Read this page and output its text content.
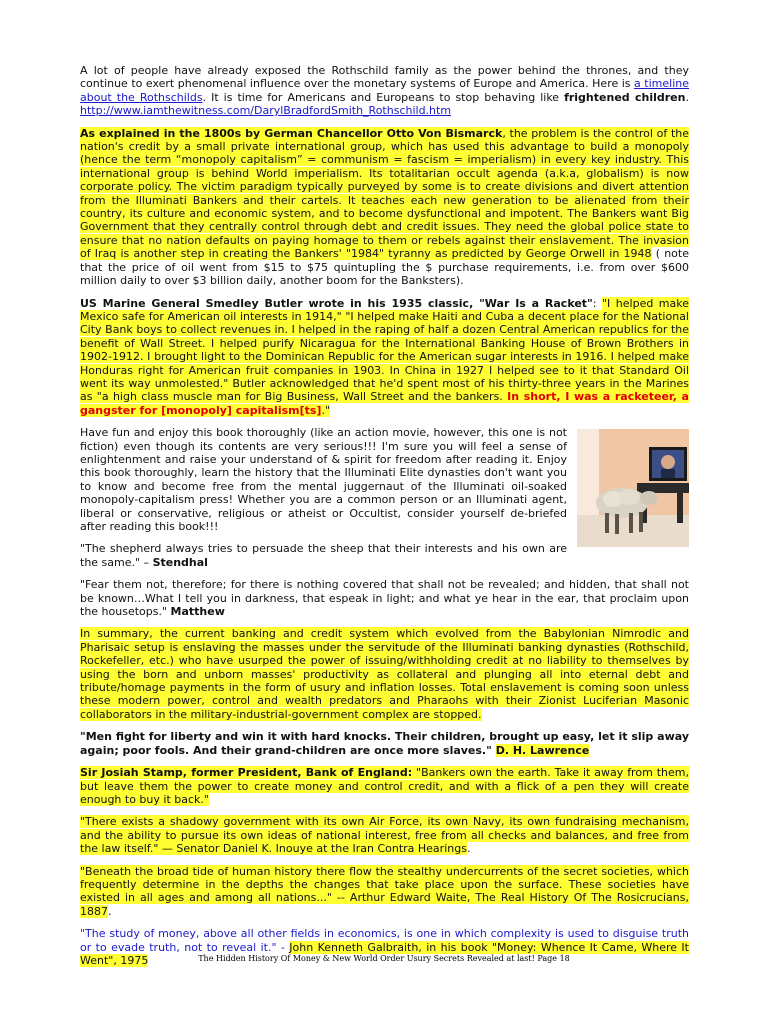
A lot of people have already exposed the Rothschild family as the power behind the thrones, and they continue to exert phenomenal influence over the monetary systems of Europe and America. Here is a timeline about the Rothschilds. It is time for Americans and Europeans to stop behaving like frightened children. http://www.iamthewitness.com/DarylBradfordSmith_Rothschild.htm

As explained in the 1800s by German Chancellor Otto Von Bismarck, the problem is the control of the nation's credit by a small private international group, which has used this advantage to build a monopoly (hence the term “monopoly capitalism” = communism = fascism = imperialism) in every key industry. This international group is behind World imperialism. Its totalitarian occult agenda (a.k.a, globalism) is now corporate policy. The victim paradigm typically purveyed by some is to create divisions and divert attention from the Illuminati Bankers and their cartels. It teaches each new generation to be alienated from their country, its culture and economic system, and to become dysfunctional and impotent. The Bankers want Big Government that they centrally control through debt and credit issues. They need the global police state to ensure that no nation defaults on paying homage to them or rebels against their enslavement. The invasion of Iraq is another step in creating the Bankers' "1984" tyranny as predicted by George Orwell in 1948 ( note that the price of oil went from $15 to $75 quintupling the $ purchase requirements, i.e. from over $600 million daily to over $3 billion daily, another boom for the Banksters).

US Marine General Smedley Butler wrote in his 1935 classic, "War Is a Racket": "I helped make Mexico safe for American oil interests in 1914," "I helped make Haiti and Cuba a decent place for the National City Bank boys to collect revenues in. I helped in the raping of half a dozen Central American republics for the benefit of Wall Street. I helped purify Nicaragua for the International Banking House of Brown Brothers in 1902-1912. I brought light to the Dominican Republic for the American sugar interests in 1916. I helped make Honduras right for American fruit companies in 1903. In China in 1927 I helped see to it that Standard Oil went its way unmolested." Butler acknowledged that he'd spent most of his thirty-three years in the Marines as "a high class muscle man for Big Business, Wall Street and the bankers. In short, I was a racketeer, a gangster for [monopoly] capitalism[ts]."

Have fun and enjoy this book thoroughly (like an action movie, however, this one is not fiction) even though its contents are very serious!!! I'm sure you will feel a sense of enlightenment and raise your understand of & spirit for freedom after reading it. Enjoy this book thoroughly, learn the history that the Illuminati Elite dynasties don't want you to know and become free from the mental juggernaut of the Illuminati oil-soaked monopoly-capitalism press! Whether you are a common person or an Illuminati agent, liberal or conservative, religious or atheist or Occultist, consider yourself de-briefed after reading this book!!!

"The shepherd always tries to persuade the sheep that their interests and his own are the same." – Stendhal

"Fear them not, therefore; for there is nothing covered that shall not be revealed; and hidden, that shall not be known…What I tell you in darkness, that espeak in light; and what ye hear in the ear, that proclaim upon the housetops." Matthew

In summary, the current banking and credit system which evolved from the Babylonian Nimrodic and Pharisaic setup is enslaving the masses under the servitude of the Illuminati banking dynasties (Rothschild, Rockefeller, etc.) who have usurped the power of issuing/withholding credit at no liability to themselves by using the born and unborn masses' productivity as collateral and plunging all into eternal debt and tribute/homage payments in the form of usury and inflation losses. Total enslavement is coming soon unless these modern power, control and wealth predators and Pharaohs with their Zionist Luciferian Masonic collaborators in the military-industrial-government complex are stopped.

"Men fight for liberty and win it with hard knocks. Their children, brought up easy, let it slip away again; poor fools. And their grand-children are once more slaves." D. H. Lawrence

Sir Josiah Stamp, former President, Bank of England: "Bankers own the earth. Take it away from them, but leave them the power to create money and control credit, and with a flick of a pen they will create enough to buy it back."

"There exists a shadowy government with its own Air Force, its own Navy, its own fundraising mechanism, and the ability to pursue its own ideas of national interest, free from all checks and balances, and free from the law itself." — Senator Daniel K. Inouye at the Iran Contra Hearings.

"Beneath the broad tide of human history there flow the stealthy undercurrents of the secret societies, which frequently determine in the depths the changes that take place upon the surface. These societies have existed in all ages and among all nations..." -- Arthur Edward Waite, The Real History Of The Rosicrucians, 1887.

"The study of money, above all other fields in economics, is one in which complexity is used to disguise truth or to evade truth, not to reveal it." - John Kenneth Galbraith, in his book "Money: Whence It Came, Where It Went", 1975	The Hidden History Of Money & New World Order Usury Secrets Revealed at last! Page 18
